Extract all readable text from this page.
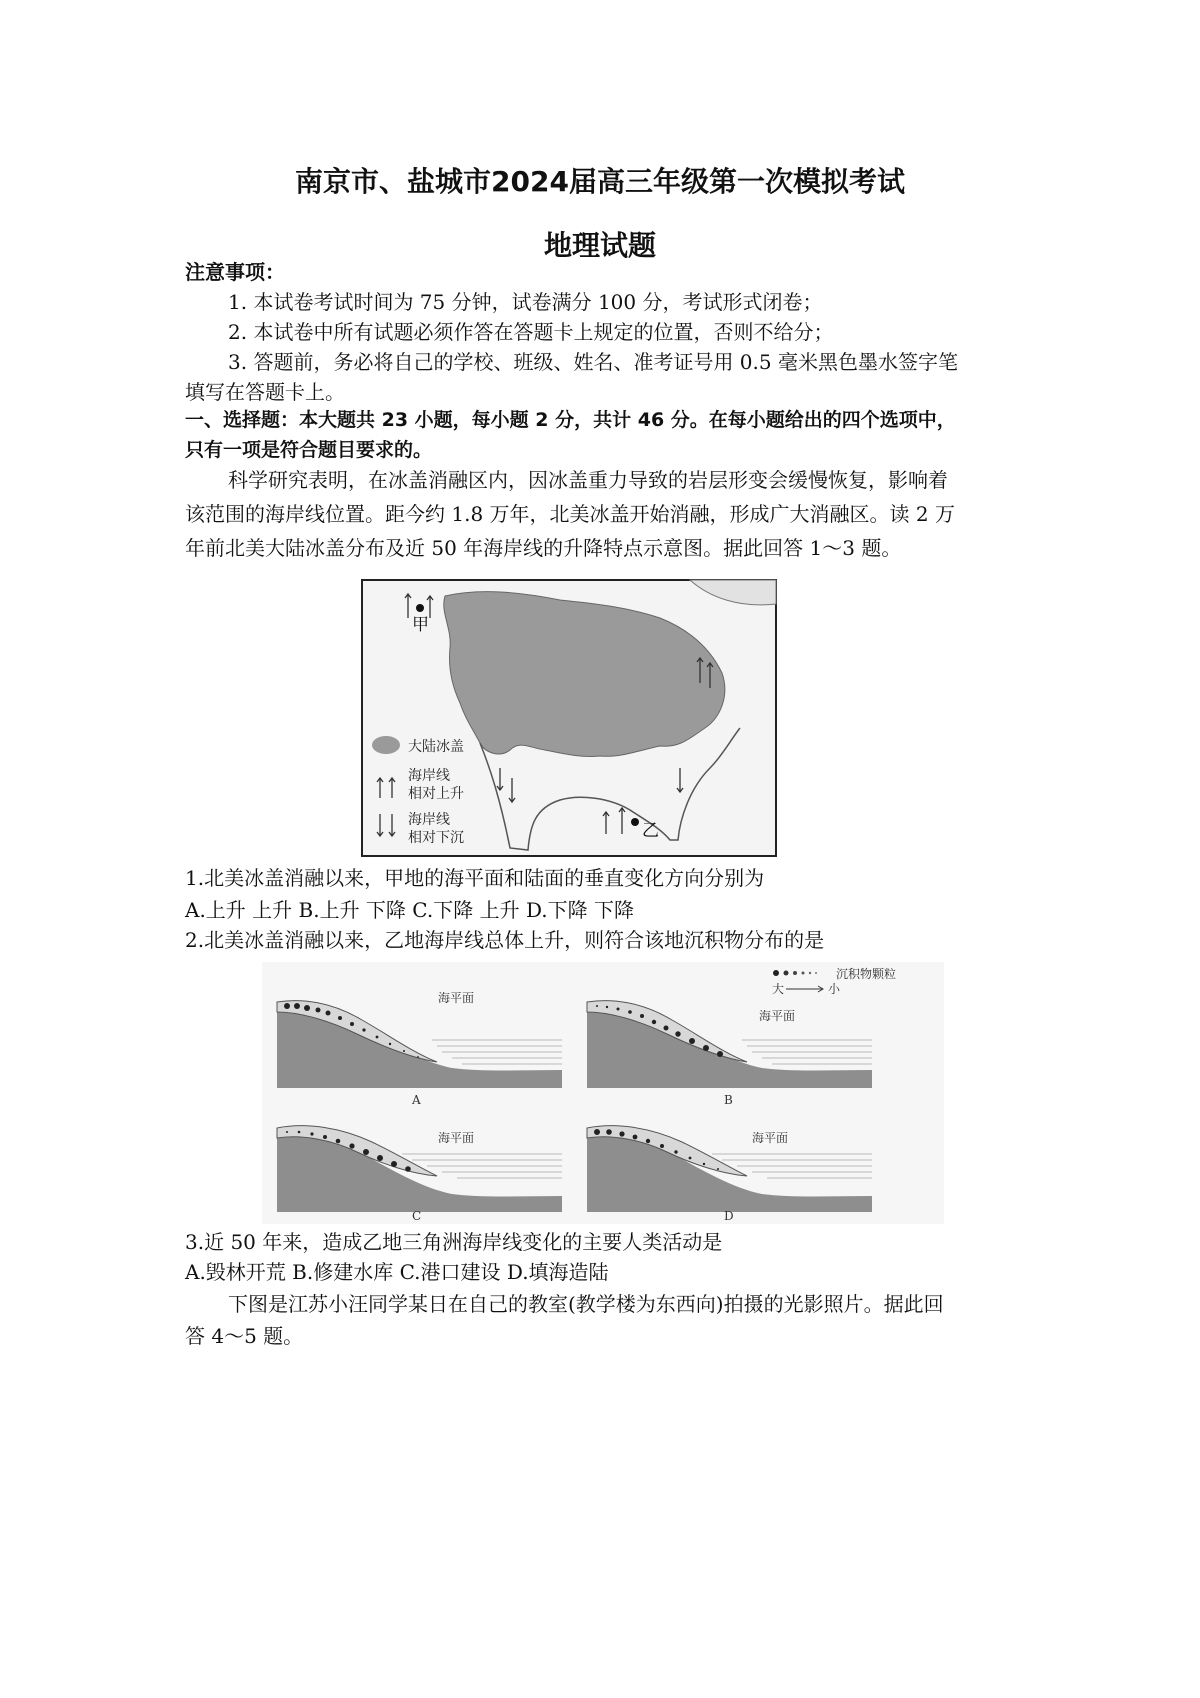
南京市、盐城市2024届高三年级第一次模拟考试
地理试题
注意事项：
1. 本试卷考试时间为 75 分钟，试卷满分 100 分，考试形式闭卷；
2. 本试卷中所有试题必须作答在答题卡上规定的位置，否则不给分；
3. 答题前，务必将自己的学校、班级、姓名、准考证号用 0.5 毫米黑色墨水签字笔
填写在答题卡上。
一、选择题：本大题共 23 小题，每小题 2 分，共计 46 分。在每小题给出的四个选项中，
只有一项是符合题目要求的。
科学研究表明，在冰盖消融区内，因冰盖重力导致的岩层形变会缓慢恢复，影响着
该范围的海岸线位置。距今约 1.8 万年，北美冰盖开始消融，形成广大消融区。读 2 万
年前北美大陆冰盖分布及近 50 年海岸线的升降特点示意图。据此回答 1～3 题。
甲
乙
大陆冰盖
海岸线
相对上升
海岸线
相对下沉
1.北美冰盖消融以来，甲地的海平面和陆面的垂直变化方向分别为
A.上升 上升 B.上升 下降 C.下降 上升 D.下降 下降
2.北美冰盖消融以来，乙地海岸线总体上升，则符合该地沉积物分布的是
沉积物颗粒
大	小
海平面
A
海平面
B
海平面
C
海平面
D
3.近 50 年来，造成乙地三角洲海岸线变化的主要人类活动是
A.毁林开荒 B.修建水库 C.港口建设 D.填海造陆
下图是江苏小汪同学某日在自己的教室(教学楼为东西向)拍摄的光影照片。据此回
答 4～5 题。
